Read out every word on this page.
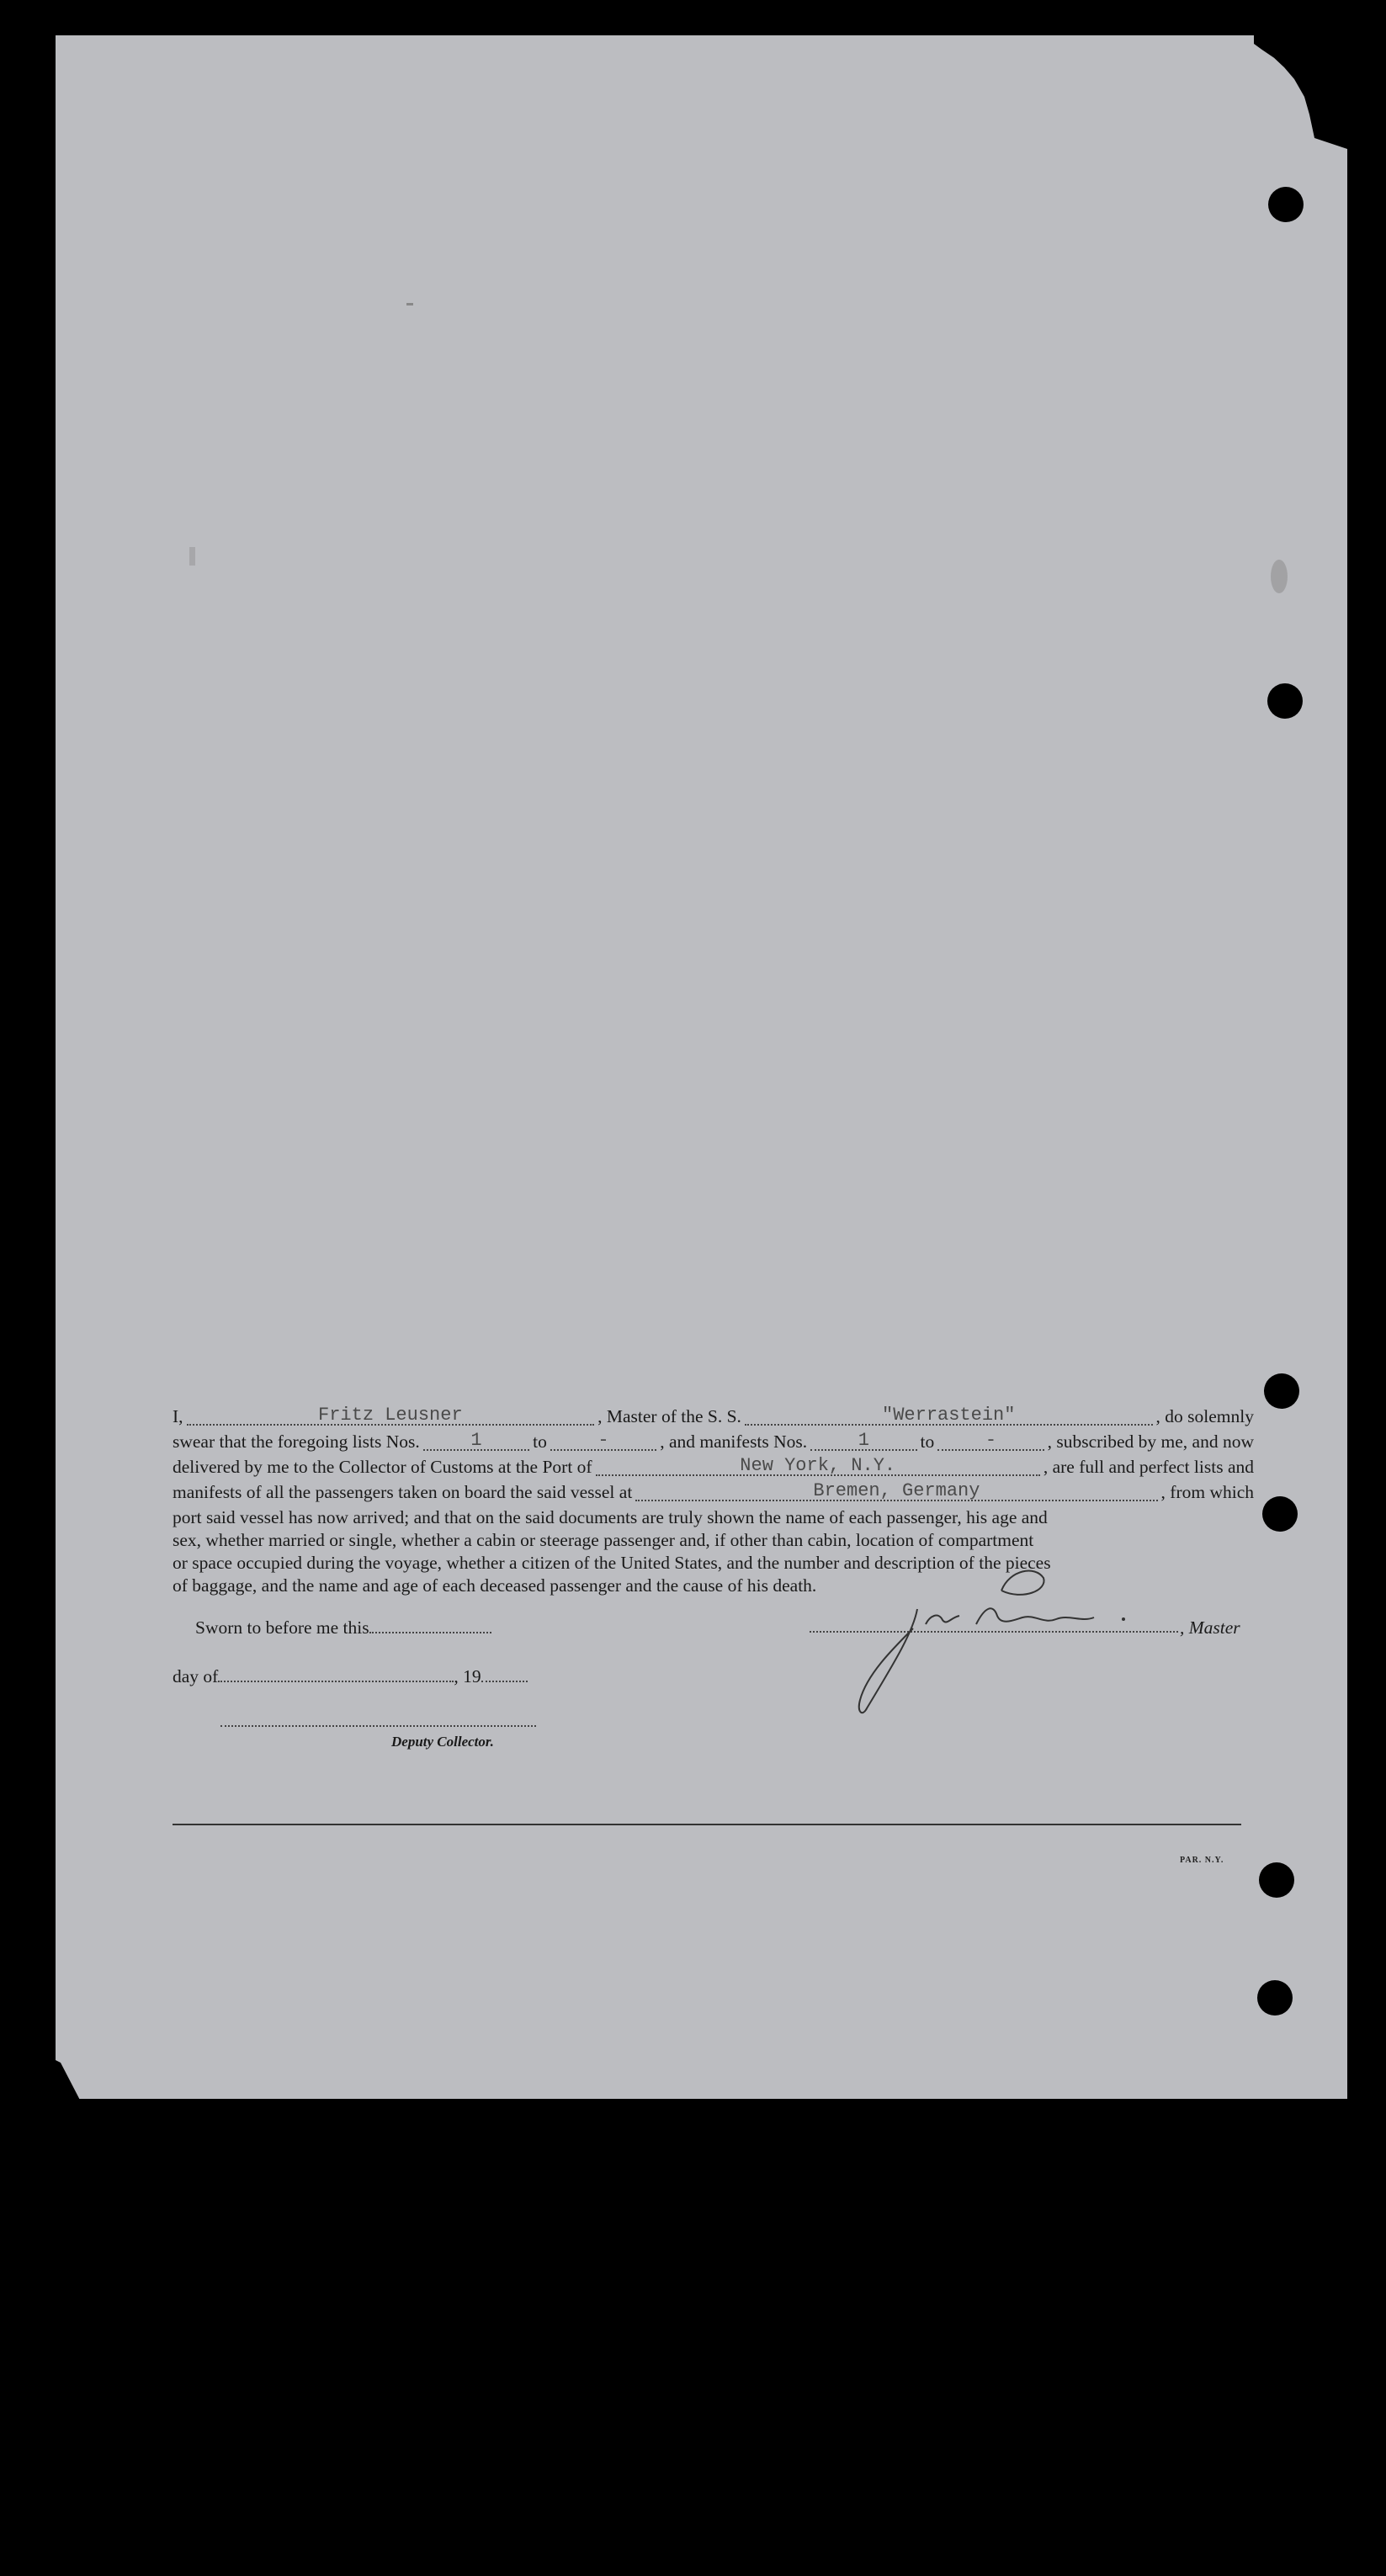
I,	Fritz Leusner	, Master of the S. S.	"Werrastein"	, do solemnly
swear that the foregoing lists Nos.	1	to	-	, and manifests Nos.	1	to	-	, subscribed by me, and now
delivered by me to the Collector of Customs at the Port of	New York, N.Y.	, are full and perfect lists and
manifests of all the passengers taken on board the said vessel at	Bremen, Germany	, from which
port said vessel has now arrived; and that on the said documents are truly shown the name of each passenger, his age and
sex, whether married or single, whether a cabin or steerage passenger and, if other than cabin, location of compartment
or space occupied during the voyage, whether a citizen of the United States, and the number and description of the pieces
of baggage, and the name and age of each deceased passenger and the cause of his death.
Sworn to before me this
day of	, 19
Deputy Collector.
, Master
PAR. N.Y.
